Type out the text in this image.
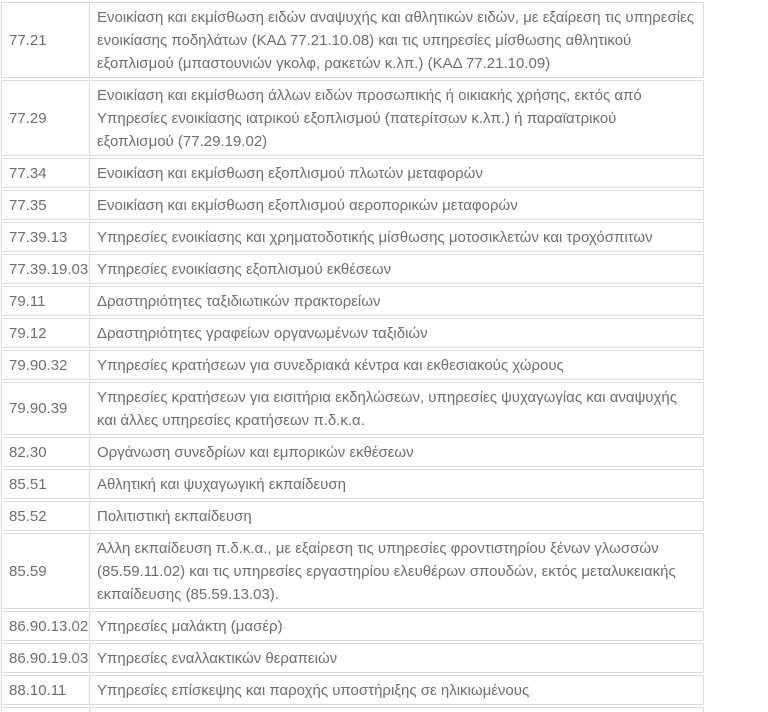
77.21	Ενοικίαση και εκμίσθωση ειδών αναψυχής και αθλητικών ειδών, με εξαίρεση τις υπηρεσίες ενοικίασης ποδηλάτων (ΚΑΔ 77.21.10.08) και τις υπηρεσίες μίσθωσης αθλητικού εξοπλισμού (μπαστουνιών γκολφ, ρακετών κ.λπ.) (ΚΑΔ 77.21.10.09)
77.29	Ενοικίαση και εκμίσθωση άλλων ειδών προσωπικής ή οικιακής χρήσης, εκτός από Υπηρεσίες ενοικίασης ιατρικού εξοπλισμού (πατερίτσων κ.λπ.) ή παραϊατρικού εξοπλισμού (77.29.19.02)
77.34	Ενοικίαση και εκμίσθωση εξοπλισμού πλωτών μεταφορών
77.35	Ενοικίαση και εκμίσθωση εξοπλισμού αεροπορικών μεταφορών
77.39.13	Υπηρεσίες ενοικίασης και χρηματοδοτικής μίσθωσης μοτοσικλετών και τροχόσπιτων
77.39.19.03	Υπηρεσίες ενοικίασης εξοπλισμού εκθέσεων
79.11	Δραστηριότητες ταξιδιωτικών πρακτορείων
79.12	Δραστηριότητες γραφείων οργανωμένων ταξιδιών
79.90.32	Υπηρεσίες κρατήσεων για συνεδριακά κέντρα και εκθεσιακούς χώρους
79.90.39	Υπηρεσίες κρατήσεων για εισιτήρια εκδηλώσεων, υπηρεσίες ψυχαγωγίας και αναψυχής και άλλες υπηρεσίες κρατήσεων π.δ.κ.α.
82.30	Οργάνωση συνεδρίων και εμπορικών εκθέσεων
85.51	Αθλητική και ψυχαγωγική εκπαίδευση
85.52	Πολιτιστική εκπαίδευση
85.59	Άλλη εκπαίδευση π.δ.κ.α., με εξαίρεση τις υπηρεσίες φροντιστηρίου ξένων γλωσσών (85.59.11.02) και τις υπηρεσίες εργαστηρίου ελευθέρων σπουδών, εκτός μεταλυκειακής εκπαίδευσης (85.59.13.03).
86.90.13.02	Υπηρεσίες μαλάκτη (μασέρ)
86.90.19.03	Υπηρεσίες εναλλακτικών θεραπειών
88.10.11	Υπηρεσίες επίσκεψης και παροχής υποστήριξης σε ηλικιωμένους
